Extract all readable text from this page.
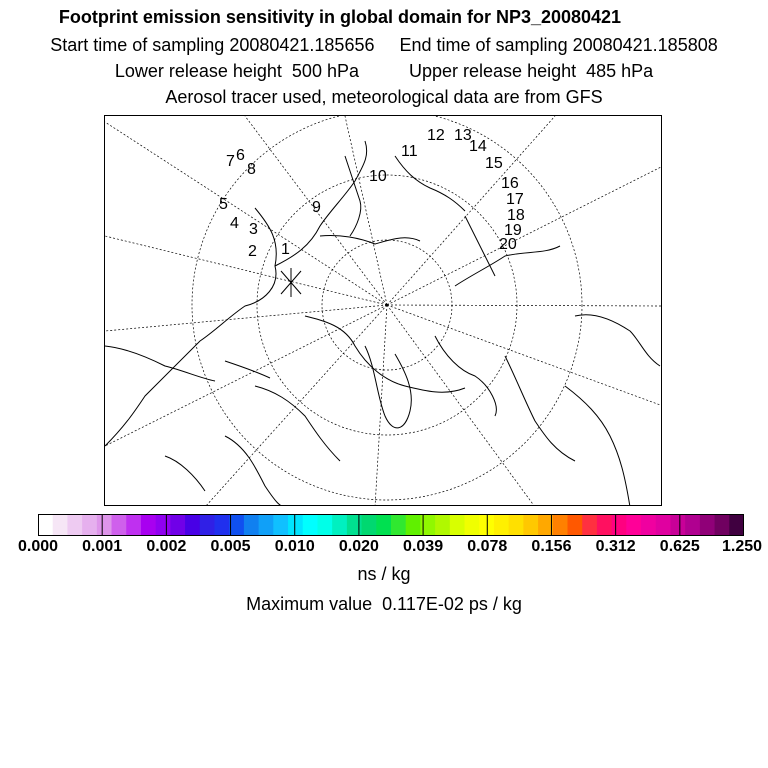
Footprint emission sensitivity in global domain for NP3_20080421
Start time of sampling 20080421.185656 End time of sampling 20080421.185808
Lower release height  500 hPa	Upper release height  485 hPa
Aerosol tracer used, meteorological data are from GFS
1
2
3
4
5
6
7 8
9
10
11
12 13
14
15
16
17
18
19
20
0.000 0.001 0.002 0.005 0.010 0.020 0.039 0.078 0.156 0.312 0.625 1.250
ns / kg
Maximum value  0.117E-02 ps / kg
